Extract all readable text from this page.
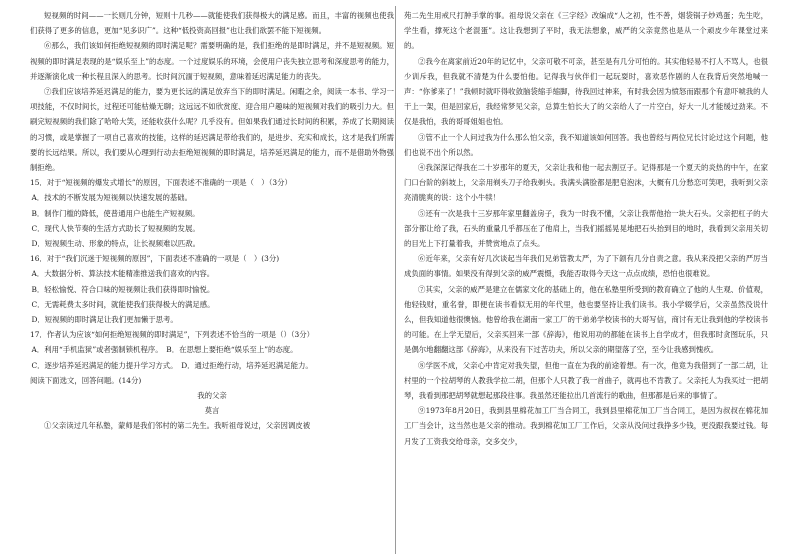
短视频的时间——一长则几分钟，短则十几秒——就能使我们获得极大的满足感。而且，丰富的视频也使我们获得了更多的信息，更加“见多识广”。这种“低投资高回报”也让我们欲罢不能下短视频。

⑥那么，我们该如何拒绝短视频的即时满足呢？需要明确的是，我们拒绝的是即时满足，并不是短视频。短视频的即时满足表现的是“娱乐至上”的态度。一个过度娱乐的环境，会使用户丧失独立思考和深度思考的能力，并逐渐演化成一种长程且深入的思考。长时间沉湎于短视频，意味着延迟满足能力的丧失。

⑦我们应该培养延迟满足的能力，要为更长远的满足放弃当下的即时满足。闲暇之余，阅读一本书、学习一项技能，不仅时间长，过程还可能枯燥无聊；这远远不如欣赏度、迎合用户趣味的短视频对我们的吸引力大。但刷完短视频的我们除了哈哈大笑，还能收获什么呢？几乎没有。但如果我们通过长时间的积累，养成了长期阅读的习惯，或是掌握了一项自己喜欢的技能，这样的延迟满足带给我们的，是进步、充实和成长，这才是我们所需要的长远结果。所以，我们要从心理到行动去拒绝短视频的即时满足，培养延迟满足的能力，而不是借助外物强制拒绝。

15．对于“短视频的爆发式增长”的原因，下面表述不准确的一项是（　）（3分）

A．技术的不断发展为短视频以快速发展的基础。

B．制作门槛的降低，使普通用户也能生产短视频。

C．现代人快节奏的生活方式助长了短视频的发展。

D．短视频生动、形象的特点，让长视频难以匹敌。

16．对于“我们沉迷于短视频的原因”，下面表述不准确的一项是（　）(3分)

A．大数据分析、算法技术能精准推送我们喜欢的内容。

B．轻松愉悦、符合口味的短视频让我们获得即时愉悦。

C．无需耗费太多时间，就能使我们获得极大的满足感。

D．短视频的即时满足让我们更加懒于思考。

17．作者认为应该“如何拒绝短视频的即时满足”，下列表述不恰当的一项是（）（3分）

A．利用“手机监狱”或者强制锁机程序。　B．在思想上要拒绝“娱乐至上”的态度。

C．逐步培养延迟满足的能力提升学习方式。　D．通过拒绝行动，培养延迟满足能力。

阅读下面选文，回答问题。(14分)

我的父亲

莫言

①父亲读过几年私塾，蒙师是我们邻村的第二先生。我听祖母说过，父亲因调皮被

苑二先生用戒尺打肿手掌的事。祖母说父亲在《三字经》改编成“人之初，性不善，烟袋锅子炒鸡蛋；先生吃，学生看，撑死这个老混蛋”。这让我想到了平时，我无法想象，威严的父亲竟然也是从一个顽皮少年课堂过来的。

②我今在离家前近20年的记忆中，父亲可敬不可亲，甚至是有几分可怕的。其实他轻易不打人不骂人，也很少训斥我，但我就不清楚为什么要怕他。记得我与伙伴们一起玩耍时，喜欢恶作剧的人在我背后突然地喊一声：“你爹来了！”我顿时就吓得收敛脑袋缩手缩脚，待我回过神来，有时我会因为愤怒而跟那个有意吓唬我的人干上一架，但是回家后，我经常梦见父亲，总算生怕长大了的父亲给人了一片空白，好大一儿才能缓过劲来。不仅是我怕，我的哥哥姐姐也怕。

③管不止一个人问过我为什么那么怕父亲，我不知道该如何回答。我也曾经与两位兄长讨论过这个问题，他们也说不出个所以然。

④我深深记得我在二十岁那年的夏天，父亲让我和他一起去割豆子。记得那是一个夏天的炎热的中午，在家门口台阶的斜坡上，父亲用剃头刀子给我剃头。我满头满脸都是肥皂泡沫，大概有几分愁恋可笑吧，我听到父亲亮清脆爽的说：这个小牛犊！

⑤还有一次是我十三岁那年家里翻盖房子，我为一时我不懂，父亲让我帮他抬一块大石头。父亲把杠子的大部分都让给了我，石头的重量几乎都压在了他肩上，当我们摇摇晃晃地把石头抬到目的地时，我看到父亲用关切的目光上下打量着我，并赞赏地点了点头。

⑥近年来，父亲有好几次谈起当年我们兄弟管教太严，为了下颌有几分自责之意。我从来没把父亲的严厉当成负面的事情。如果没有得到父亲的威严震慑，我能否取得今天这一点点成绩，恐怕也很难说。

⑦其实，父亲的威严是建立在儒家文化的基础上的，他在私塾里所受到的教育确立了他的人生观、价值观，他轻钱财，重名誉，即便在读书看似无用的年代里，他也要坚持让我们读书。我小学辍学后，父亲虽然没说什么，但我知道他很懊恼。他曾给我在湖南一家工厂的干弟弟学校读书的大哥写信，商讨有无让我到他的学校读书的可能。在上学无望后，父亲买回来一部《辞海》，他说用功的都能在读书上自学成才，但我那时贪图玩乐，只是偶尔地翻翻这部《辞海》，从来没有下过苦功夫，所以父亲的期望落了空，至今让我感到愧疚。

⑧学医不成，父亲心中肯定对我失望，但他一直在为我的前途着想。有一次，他竟为我借到了一部二胡，让村里的一个拉胡琴的人教我学拉二胡，但那个人只教了我一首曲子，就再也不肯教了。父亲托人为我买过一把胡琴，我看到那把胡琴就想起那段往事。我虽然还能拉出几首流行的歌曲，但那都是后来的事情了。

⑨1973年8月20日，我到县里棉花加工厂当合同工，我到县里棉花加工厂当合同工，是因为叔叔在棉花加工厂当会计，这当然也是父亲的推动。我到棉花加工厂工作后，父亲从没问过我挣多少钱，更没跟我要过钱。每月发了工资我交给母亲，交多交少，
